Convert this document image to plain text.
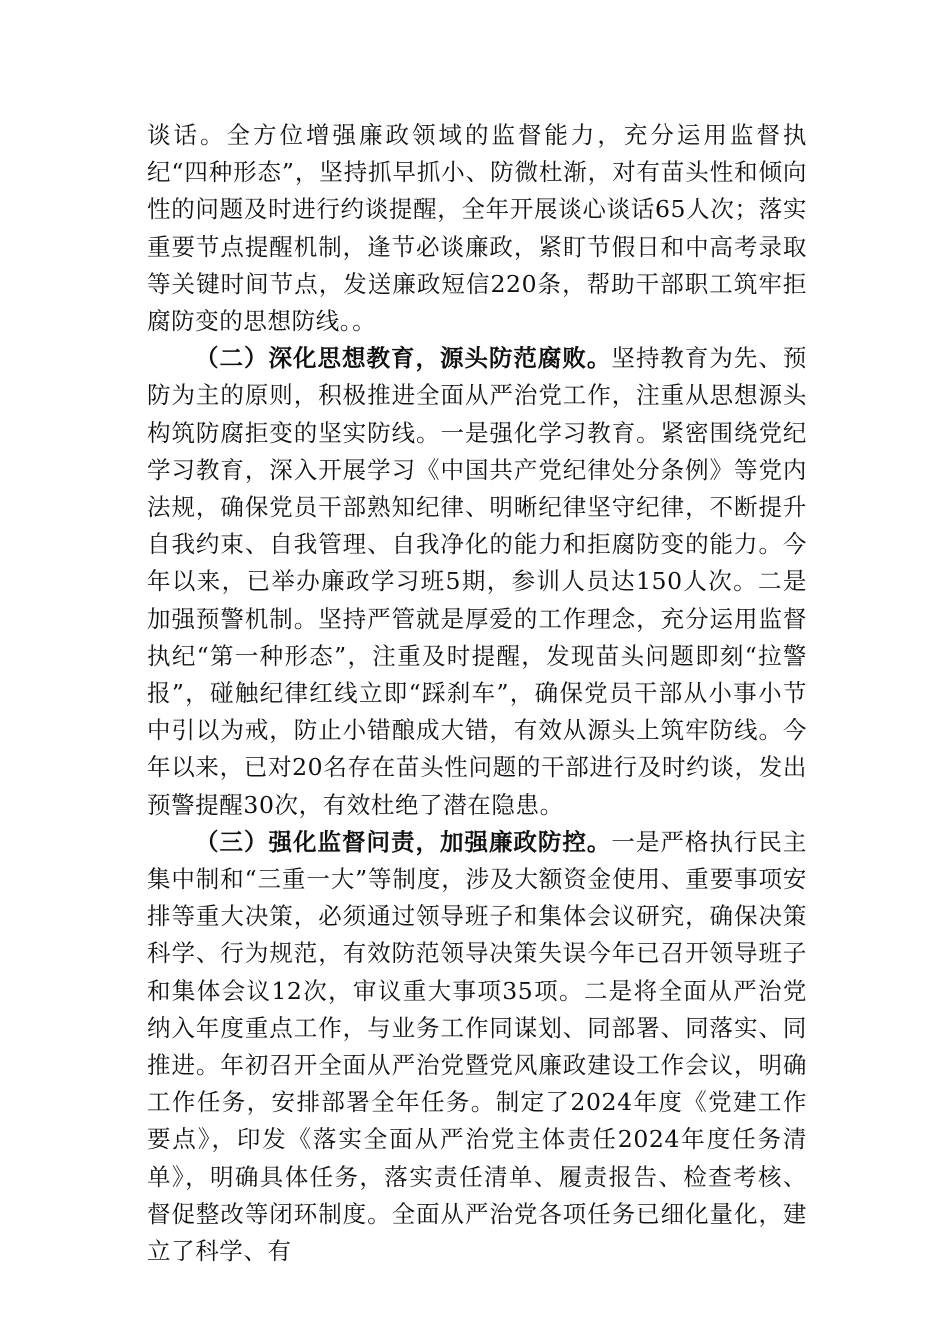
谈话。全方位增强廉政领域的监督能力，充分运用监督执纪“四种形态”，坚持抓早抓小、防微杜渐，对有苗头性和倾向性的问题及时进行约谈提醒，全年开展谈心谈话65人次；落实重要节点提醒机制，逢节必谈廉政，紧盯节假日和中高考录取等关键时间节点，发送廉政短信220条，帮助干部职工筑牢拒腐防变的思想防线。。

（二）深化思想教育，源头防范腐败。坚持教育为先、预防为主的原则，积极推进全面从严治党工作，注重从思想源头构筑防腐拒变的坚实防线。一是强化学习教育。紧密围绕党纪学习教育，深入开展学习《中国共产党纪律处分条例》等党内法规，确保党员干部熟知纪律、明晰纪律坚守纪律，不断提升自我约束、自我管理、自我净化的能力和拒腐防变的能力。今年以来，已举办廉政学习班5期，参训人员达150人次。二是加强预警机制。坚持严管就是厚爱的工作理念，充分运用监督执纪“第一种形态”，注重及时提醒，发现苗头问题即刻“拉警报”，碰触纪律红线立即“踩刹车”，确保党员干部从小事小节中引以为戒，防止小错酿成大错，有效从源头上筑牢防线。今年以来，已对20名存在苗头性问题的干部进行及时约谈，发出预警提醒30次，有效杜绝了潜在隐患。

（三）强化监督问责，加强廉政防控。一是严格执行民主集中制和“三重一大”等制度，涉及大额资金使用、重要事项安排等重大决策，必须通过领导班子和集体会议研究，确保决策科学、行为规范，有效防范领导决策失误今年已召开领导班子和集体会议12次，审议重大事项35项。二是将全面从严治党纳入年度重点工作，与业务工作同谋划、同部署、同落实、同推进。年初召开全面从严治党暨党风廉政建设工作会议，明确工作任务，安排部署全年任务。制定了2024年度《党建工作要点》，印发《落实全面从严治党主体责任2024年度任务清单》，明确具体任务，落实责任清单、履责报告、检查考核、督促整改等闭环制度。全面从严治党各项任务已细化量化，建立了科学、有
